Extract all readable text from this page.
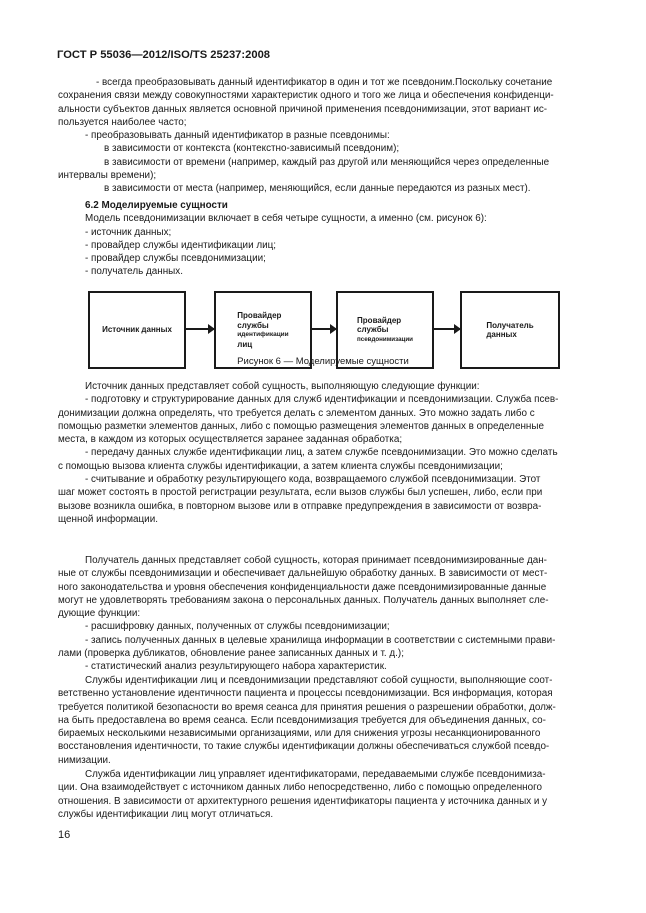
ГОСТ Р 55036—2012/ISO/TS 25237:2008
- всегда преобразовывать данный идентификатор в один и тот же псевдоним.Поскольку сочетание
сохранения связи между совокупностями характеристик одного и того же лица и обеспечения конфиденци-
альности субъектов данных является основной причиной применения псевдонимизации, этот вариант ис-
пользуется наиболее часто;
- преобразовывать данный идентификатор в разные псевдонимы:
в зависимости от контекста (контекстно-зависимый псевдоним);
в зависимости от времени (например, каждый раз другой или меняющийся через определенные
интервалы времени);
в зависимости от места (например, меняющийся, если данные передаются из разных мест).
6.2 Моделируемые сущности
Модель псевдонимизации включает в себя четыре сущности, а именно (см. рисунок 6):
- источник данных;
- провайдер службы идентификации лиц;
- провайдер службы псевдонимизации;
- получатель данных.
Источник данных
Провайдер
службы
идентификации
лиц
Провайдер
службы
псевдонимизации
Получатель
данных
Рисунок 6 — Моделируемые сущности
Источник данных представляет собой сущность, выполняющую следующие функции:
- подготовку и структурирование данных для служб идентификации и псевдонимизации. Служба псев-
донимизации должна определять, что требуется делать с элементом данных. Это можно задать либо с
помощью разметки элементов данных, либо с помощью размещения элементов данных в определенные
места, в каждом из которых осуществляется заранее заданная обработка;
- передачу данных службе идентификации лиц, а затем службе псевдонимизации. Это можно сделать
с помощью вызова клиента службы идентификации, а затем клиента службы псевдонимизации;
- считывание и обработку результирующего кода, возвращаемого службой псевдонимизации. Этот
шаг может состоять в простой регистрации результата, если вызов службы был успешен, либо, если при
вызове возникла ошибка, в повторном вызове или в отправке предупреждения в зависимости от возвра-
щенной информации.
Получатель данных представляет собой сущность, которая принимает псевдонимизированные дан-
ные от службы псевдонимизации и обеспечивает дальнейшую обработку данных. В зависимости от мест-
ного законодательства и уровня обеспечения конфиденциальности даже псевдонимизированные данные
могут не удовлетворять требованиям закона о персональных данных. Получатель данных выполняет сле-
дующие функции:
- расшифровку данных, полученных от службы псевдонимизации;
- запись полученных данных в целевые хранилища информации в соответствии с системными прави-
лами (проверка дубликатов, обновление ранее записанных данных и т. д.);
- статистический анализ результирующего набора характеристик.
Службы идентификации лиц и псевдонимизации представляют собой сущности, выполняющие соот-
ветственно установление идентичности пациента и процессы псевдонимизации. Вся информация, которая
требуется политикой безопасности во время сеанса для принятия решения о разрешении обработки, долж-
на быть предоставлена во время сеанса. Если псевдонимизация требуется для объединения данных, со-
бираемых несколькими независимыми организациями, или для снижения угрозы несанкционированного
восстановления идентичности, то такие службы идентификации должны обеспечиваться службой псевдо-
нимизации.
Служба идентификации лиц управляет идентификаторами, передаваемыми службе псевдонимиза-
ции. Она взаимодействует с источником данных либо непосредственно, либо с помощью определенного
отношения. В зависимости от архитектурного решения идентификаторы пациента у источника данных и у
службы идентификации лиц могут отличаться.
16
